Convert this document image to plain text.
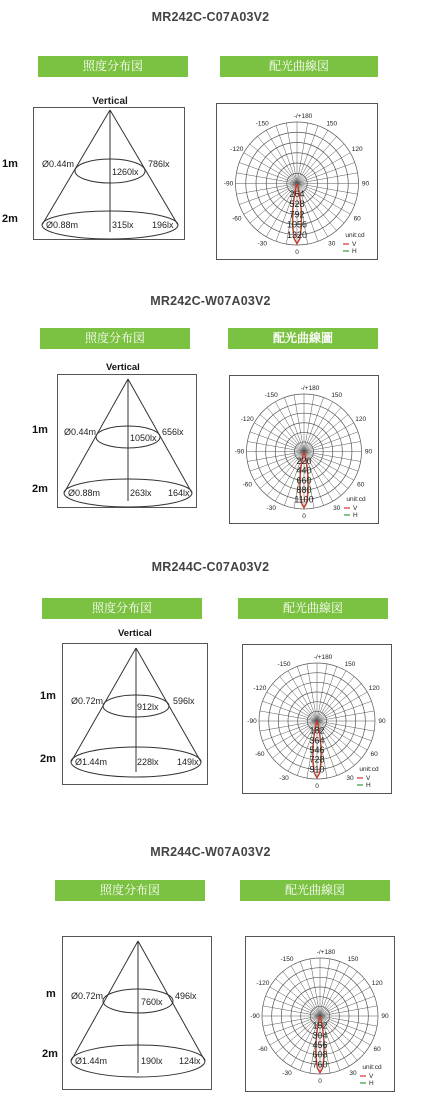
MR242C-C07A03V2
照度分布図	配光曲線図
1m
2m
Vertical
Ø0.44m
1260lx
786lx
Ø0.88m	315lx 196lx
-/+180
-150	150
-120	120
-90	90
-60	60
-30	30
0
264
528
792
1056
1320	unit:cd
V
H
MR242C-W07A03V2
照度分布図	配光曲線圖
1m
2m
Ø0.44m
1050lx
656lx
Ø0.88m	263lx 164lx
Vertical
-/+180
-150	150
-120	120
-90	90
-60	60
-30	30
0
220
440
660
880
1100	unit:cd
V
H
MR244C-C07A03V2
照度分布図	配光曲線図
Vertical
1m
2m
Ø0.72m
912lx
596lx
Ø1.44m	228lx 149lx
-/+180
-150	150
-120	120
-90	90
-60	60
-30	30
0
182
364
546
728
910	unit:cd
V
H
MR244C-W07A03V2
照度分布図	配光曲線図
m
2m
Ø0.72m
760lx
496lx
Ø1.44m	190lx 124lx
-/+180
-150	150
-120	120
-90	90
-60	60
-30	30
0
152
304
456
608
760	unit:cd
V
H
